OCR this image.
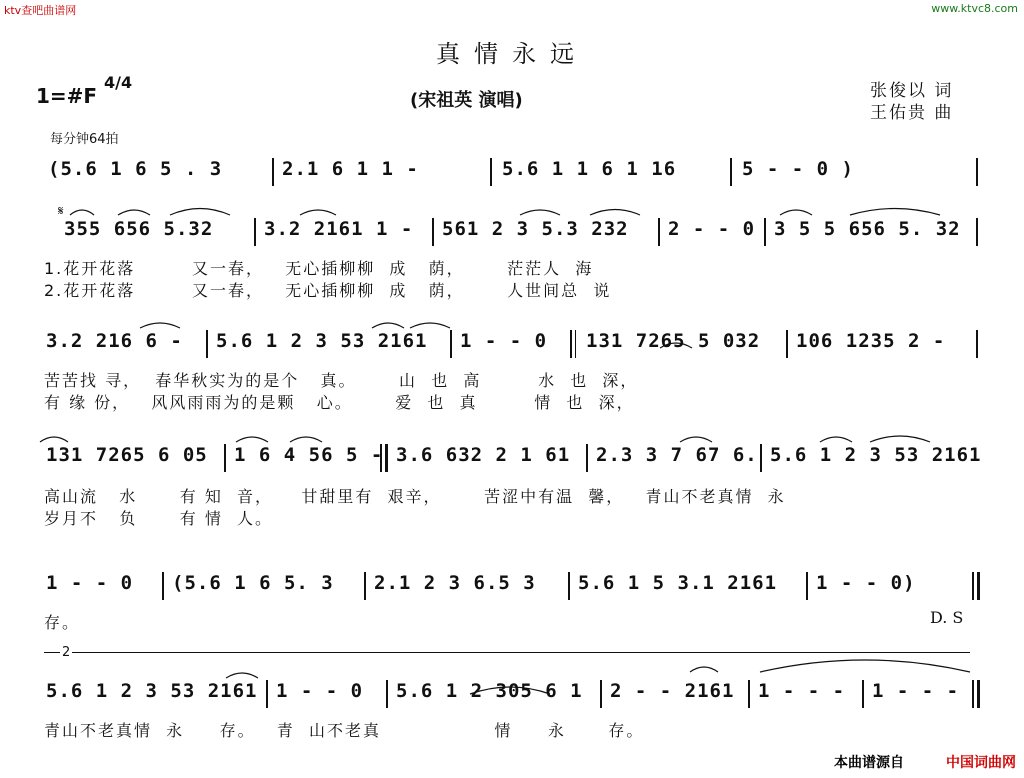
ktv查吧曲谱网	www.ktvc8.com
真情永远
(宋祖英 演唱)	张俊以 词
王佑贵 曲
1=#F
4/4
每分钟64拍
(5.6 1 6 5 . 3	2.1 6 1 1 -	5.6 1 1 6 1 16	5 - - 0 )
𝄋
355 656 5.32	3.2 2161 1 - 561 2 3 5.3 232 2 - - 0 3 5 5 656 5. 32
1.花开花落        又一春，   无心插柳柳  成   荫，      茫茫人  海
2.花开花落        又一春，   无心插柳柳  成   荫，      人世间总  说
3.2 216 6 - 5.6 1 2 3 53 2161 1 - - 0 131 7265 5 032 106 1235 2 -
苦苦找 寻，  春华秋实为的是个   真。      山  也  高        水  也  深，
有 缘 份，   风风雨雨为的是颗   心。      爱  也  真        情  也  深，
131 7265 6 05 1 6 4 56 5 - 3.6 632 2 1 61 2.3 3 7 67 6. 5.6 1 2 3 53 2161
高山流   水      有 知  音，    甘甜里有  艰辛，      苦涩中有温  馨，   青山不老真情  永
岁月不   负      有 情  人。
1 - - 0 (5.6 1 6 5. 3 2.1 2 3 6.5 3 5.6 1 5 3.1 2161 1 - - 0)
存。	D. S
2
5.6 1 2 3 53 2161 1 - - 0 5.6 1 2 305 6 1 2 - - 2161 1 - - - 1 - - -
青山不老真情  永     存。   青  山不老真                情     永      存。
本曲谱源自	中国词曲网
